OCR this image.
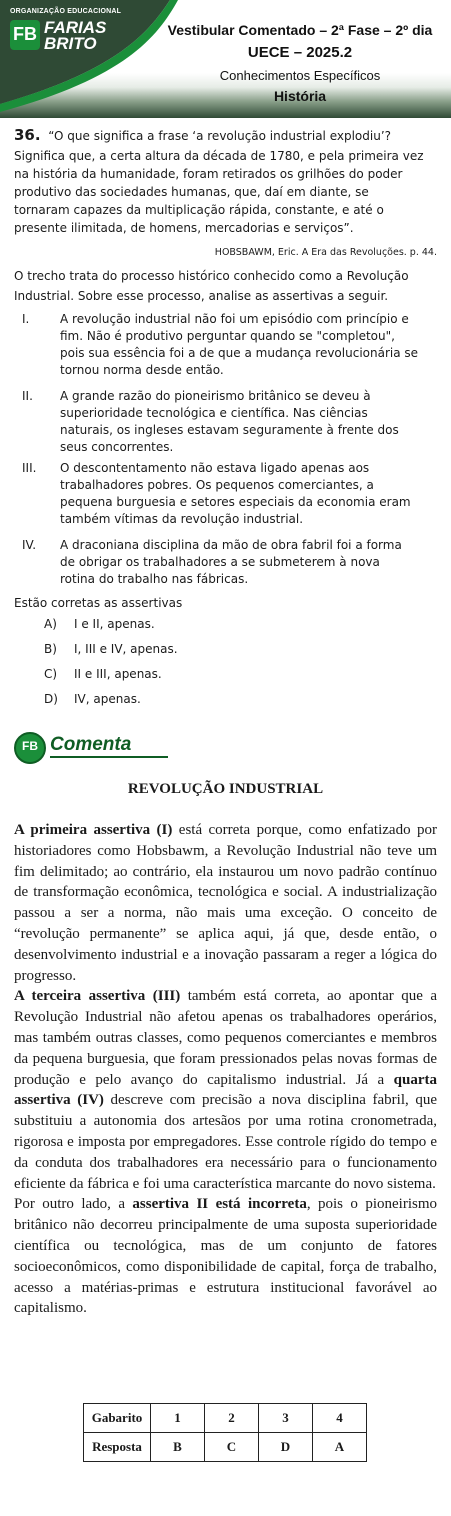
ORGANIZAÇÃO EDUCACIONAL
FB FARIAS
BRITO
Vestibular Comentado – 2ª Fase – 2º dia
UECE – 2025.2
Conhecimentos Específicos
História
36. “O que significa a frase ‘a revolução industrial explodiu’?
Significa que, a certa altura da década de 1780, e pela primeira vez
na história da humanidade, foram retirados os grilhões do poder
produtivo das sociedades humanas, que, daí em diante, se
tornaram capazes da multiplicação rápida, constante, e até o
presente ilimitada, de homens, mercadorias e serviços”.
HOBSBAWM, Eric. A Era das Revoluções. p. 44.
O trecho trata do processo histórico conhecido como a Revolução
Industrial. Sobre esse processo, analise as assertivas a seguir.
I.	A revolução industrial não foi um episódio com princípio e
fim. Não é produtivo perguntar quando se "completou",
pois sua essência foi a de que a mudança revolucionária se
tornou norma desde então.
II.	A grande razão do pioneirismo britânico se deveu à
superioridade tecnológica e científica. Nas ciências
naturais, os ingleses estavam seguramente à frente dos
seus concorrentes.
III.	O descontentamento não estava ligado apenas aos
trabalhadores pobres. Os pequenos comerciantes, a
pequena burguesia e setores especiais da economia eram
também vítimas da revolução industrial.
IV.	A draconiana disciplina da mão de obra fabril foi a forma
de obrigar os trabalhadores a se submeterem à nova
rotina do trabalho nas fábricas.
Estão corretas as assertivas
A) I e II, apenas.
B) I, III e IV, apenas.
C) II e III, apenas.
D) IV, apenas.
FB Comenta
REVOLUÇÃO INDUSTRIAL

A primeira assertiva (I) está correta porque, como enfatizado por historiadores como Hobsbawm, a Revolução Industrial não teve um fim delimitado; ao contrário, ela instaurou um novo padrão contínuo de transformação econômica, tecnológica e social. A industrialização passou a ser a norma, não mais uma exceção. O conceito de “revolução permanente” se aplica aqui, já que, desde então, o desenvolvimento industrial e a inovação passaram a reger a lógica do progresso.

A terceira assertiva (III) também está correta, ao apontar que a Revolução Industrial não afetou apenas os trabalhadores operários, mas também outras classes, como pequenos comerciantes e membros da pequena burguesia, que foram pressionados pelas novas formas de produção e pelo avanço do capitalismo industrial. Já a quarta assertiva (IV) descreve com precisão a nova disciplina fabril, que substituiu a autonomia dos artesãos por uma rotina cronometrada, rigorosa e imposta por empregadores. Esse controle rígido do tempo e da conduta dos trabalhadores era necessário para o funcionamento eficiente da fábrica e foi uma característica marcante do novo sistema.

Por outro lado, a assertiva II está incorreta, pois o pioneirismo britânico não decorreu principalmente de uma suposta superioridade científica ou tecnológica, mas de um conjunto de fatores socioeconômicos, como disponibilidade de capital, força de trabalho, acesso a matérias-primas e estrutura institucional favorável ao capitalismo.

Gabarito	1	2	3	4
Resposta	B	C	D	A
